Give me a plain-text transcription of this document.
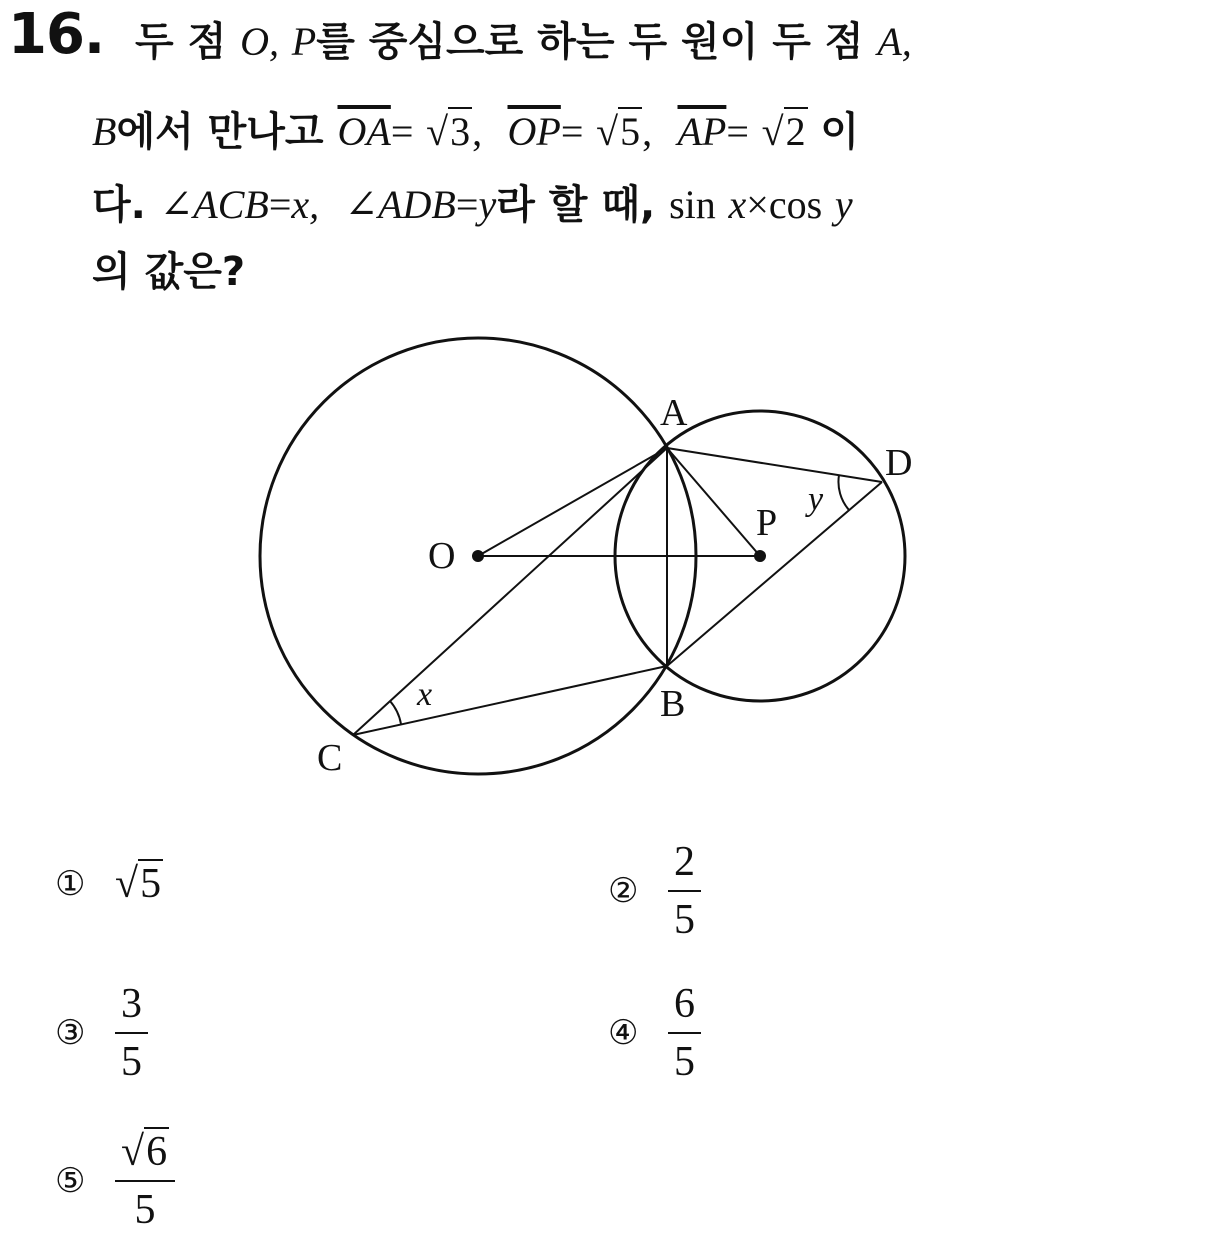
16. 두 점 O, P를 중심으로 하는 두 원이 두 점 A,
B에서 만나고 $\overline{OA}= √3$, $\overline{OP}= √5$, $\overline{AP}= √2$ 이
다. ∠ACB=x, ∠ADB=y라 할 때, sin x×cos y
의 값은?
A
B
C
D
O
P
x
y
① √5	② $\frac{2}{5}$
③ $\frac{3}{5}$	④ $\frac{6}{5}$
⑤ $\frac{√6}{5}$
